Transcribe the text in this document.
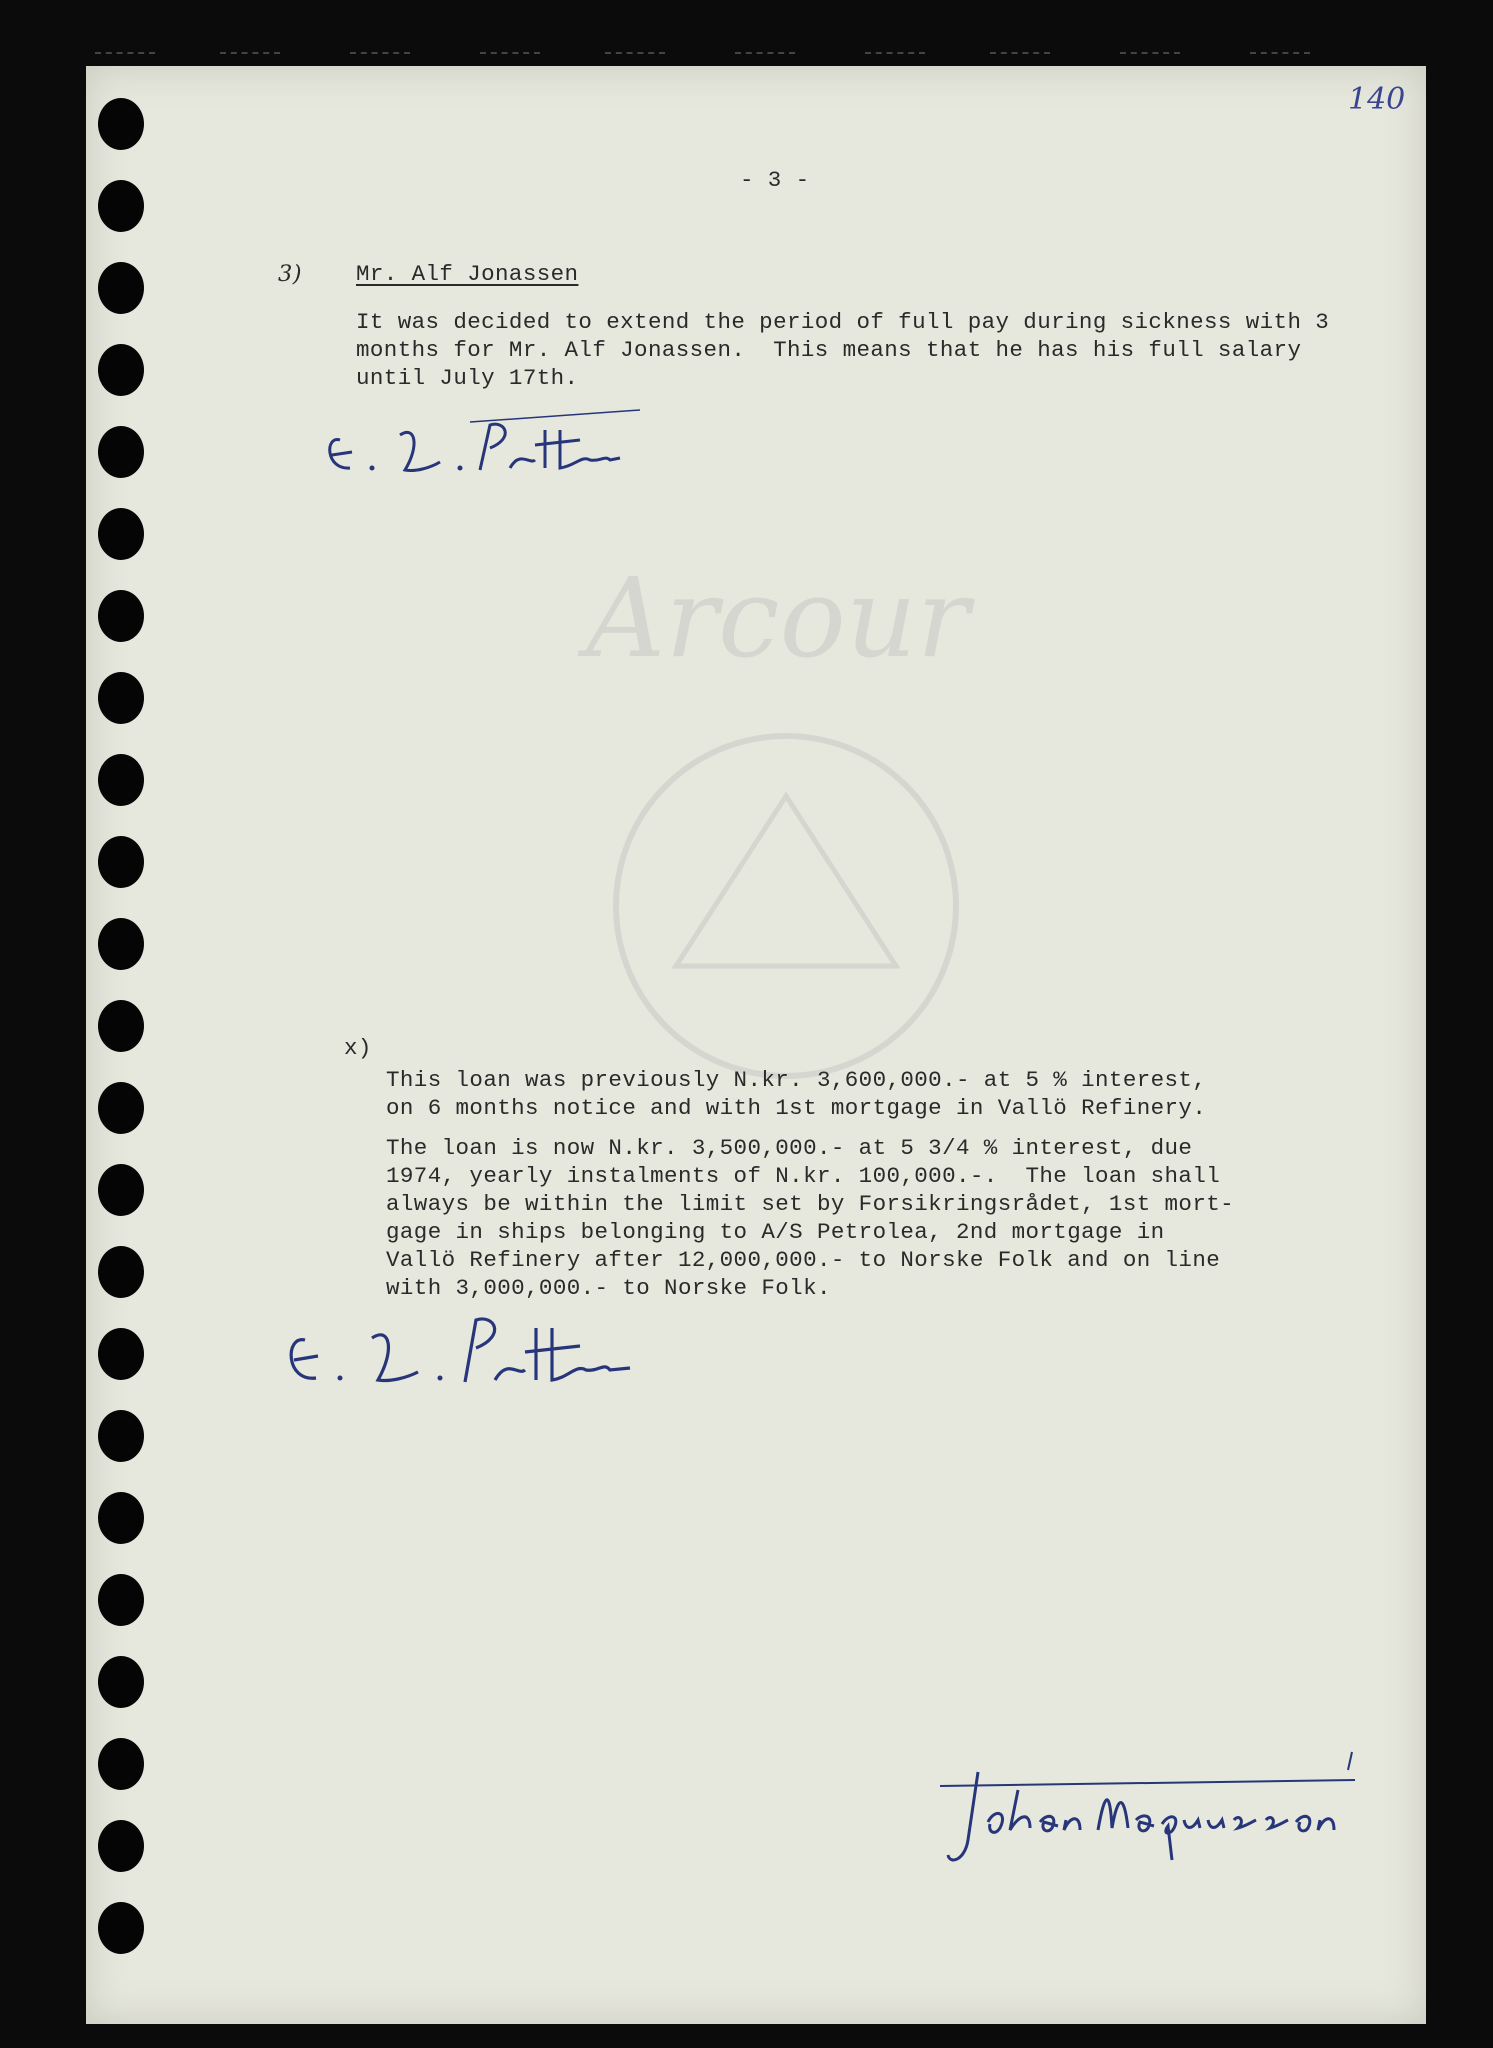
Arcour
140
- 3 -
3) Mr. Alf Jonassen
It was decided to extend the period of full pay during sickness with 3
months for Mr. Alf Jonassen.  This means that he has his full salary
until July 17th.
x)
This loan was previously N.kr. 3,600,000.- at 5 % interest,
on 6 months notice and with 1st mortgage in Vallö Refinery.
The loan is now N.kr. 3,500,000.- at 5 3/4 % interest, due
1974, yearly instalments of N.kr. 100,000.-.  The loan shall
always be within the limit set by Forsikringsrådet, 1st mort-
gage in ships belonging to A/S Petrolea, 2nd mortgage in
Vallö Refinery after 12,000,000.- to Norske Folk and on line
with 3,000,000.- to Norske Folk.
